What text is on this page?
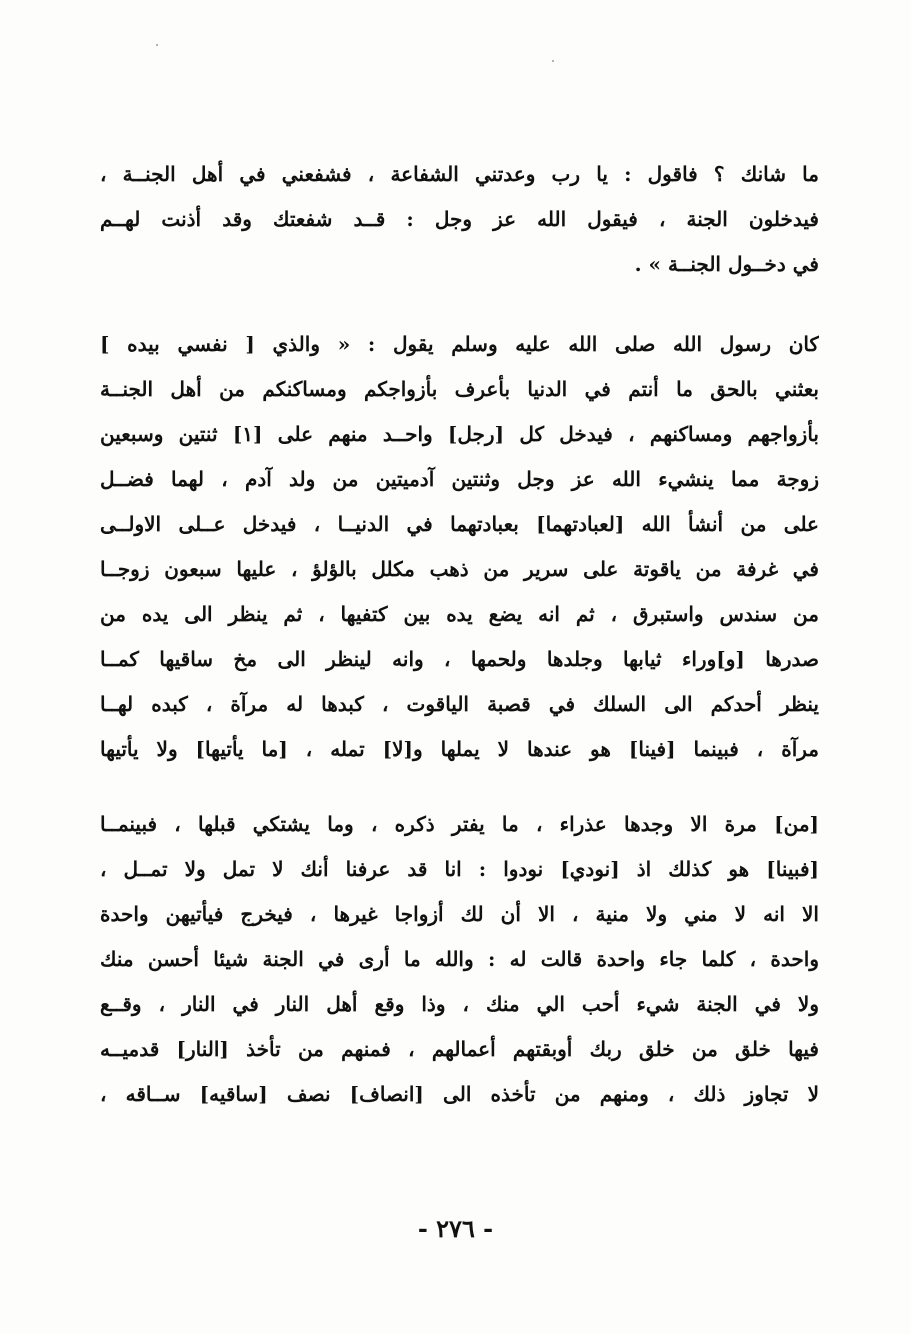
ما شانك ؟ فاقول : يا رب وعدتني الشفاعة ، فشفعني في أهل الجنــة ،
فيدخلون الجنة ، فيقول الله عز وجل : قــد شفعتك وقد أذنت لهــم
في دخــول الجنــة » .
كان رسول الله صلى الله عليه وسلم يقول : « والذي [ نفسي بيده ]
بعثني بالحق ما أنتم في الدنيا بأعرف بأزواجكم ومساكنكم من أهل الجنــة
بأزواجهم ومساكنهم ، فيدخل كل [رجل] واحــد منهم على [١] ثنتين وسبعين
زوجة مما ينشيء الله عز وجل وثنتين آدميتين من ولد آدم ، لهما فضــل
على من أنشأ الله [لعبادتهما] بعبادتهما في الدنيــا ، فيدخل عــلى الاولــى
في غرفة من ياقوتة على سرير من ذهب مكلل بالؤلؤ ، عليها سبعون زوجــا
من سندس واستبرق ، ثم انه يضع يده بين كتفيها ، ثم ينظر الى يده من
صدرها [و]وراء ثيابها وجلدها ولحمها ، وانه لينظر الى مخ ساقيها كمــا
ينظر أحدكم الى السلك في قصبة الياقوت ، كبدها له مرآة ، كبده لهــا
مرآة ، فبينما [فينا] هو عندها لا يملها و[لا] تمله ، [ما يأتيها] ولا يأتيها
[من] مرة الا وجدها عذراء ، ما يفتر ذكره ، وما يشتكي قبلها ، فبينمــا
[فبينا] هو كذلك اذ [نودي] نودوا : انا قد عرفنا أنك لا تمل ولا تمــل ،
الا انه لا مني ولا منية ، الا أن لك أزواجا غيرها ، فيخرج فيأتيهن واحدة
واحدة ، كلما جاء واحدة قالت له : والله ما أرى في الجنة شيئا أحسن منك
ولا في الجنة شيء أحب الي منك ، وذا وقع أهل النار في النار ، وقــع
فيها خلق من خلق ربك أوبقتهم أعمالهم ، فمنهم من تأخذ [النار] قدميــه
لا تجاوز ذلك ، ومنهم من تأخذه الى [انصاف] نصف [ساقيه] ســاقه ،
- ٢٧٦ -
